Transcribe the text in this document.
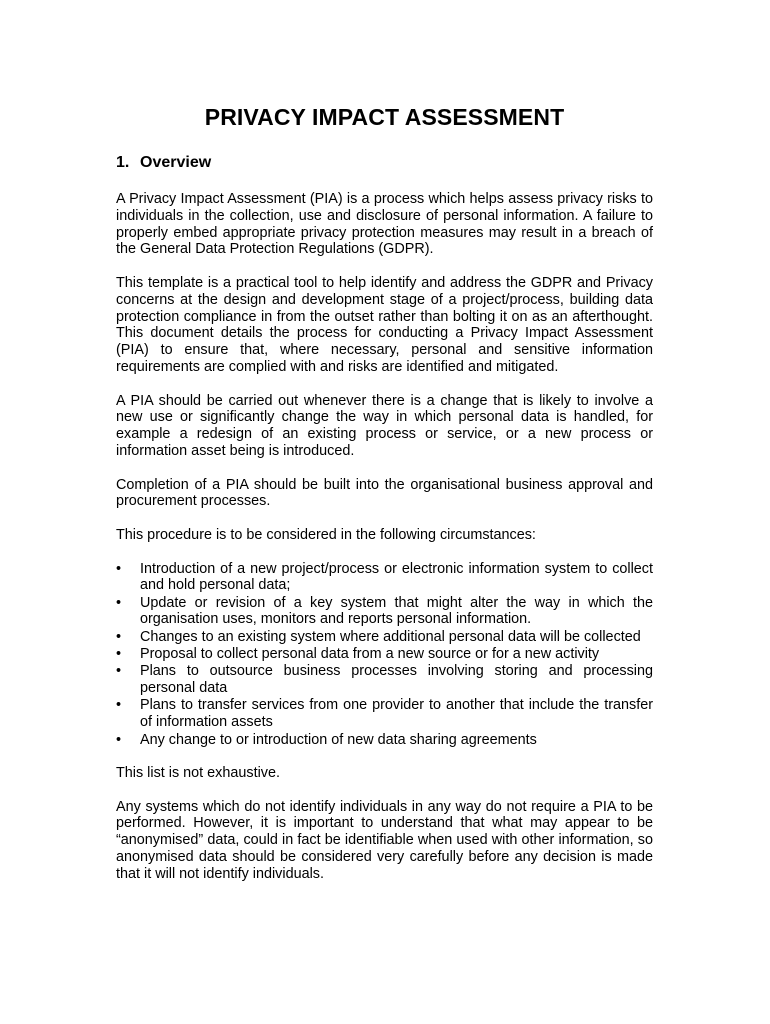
PRIVACY IMPACT ASSESSMENT
1. Overview

A Privacy Impact Assessment (PIA) is a process which helps assess privacy risks to individuals in the collection, use and disclosure of personal information. A failure to properly embed appropriate privacy protection measures may result in a breach of the General Data Protection Regulations (GDPR).

This template is a practical tool to help identify and address the GDPR and Privacy concerns at the design and development stage of a project/process, building data protection compliance in from the outset rather than bolting it on as an afterthought. This document details the process for conducting a Privacy Impact Assessment (PIA) to ensure that, where necessary, personal and sensitive information requirements are complied with and risks are identified and mitigated.

A PIA should be carried out whenever there is a change that is likely to involve a new use or significantly change the way in which personal data is handled, for example a redesign of an existing process or service, or a new process or information asset being is introduced.

Completion of a PIA should be built into the organisational business approval and procurement processes.

This procedure is to be considered in the following circumstances:

•	Introduction of a new project/process or electronic information system to collect and hold personal data;
•	Update or revision of a key system that might alter the way in which the organisation uses, monitors and reports personal information.
•	Changes to an existing system where additional personal data will be collected
•	Proposal to collect personal data from a new source or for a new activity
•	Plans to outsource business processes involving storing and processing personal data
•	Plans to transfer services from one provider to another that include the transfer of information assets
•	Any change to or introduction of new data sharing agreements

This list is not exhaustive.

Any systems which do not identify individuals in any way do not require a PIA to be performed. However, it is important to understand that what may appear to be “anonymised” data, could in fact be identifiable when used with other information, so anonymised data should be considered very carefully before any decision is made that it will not identify individuals.
